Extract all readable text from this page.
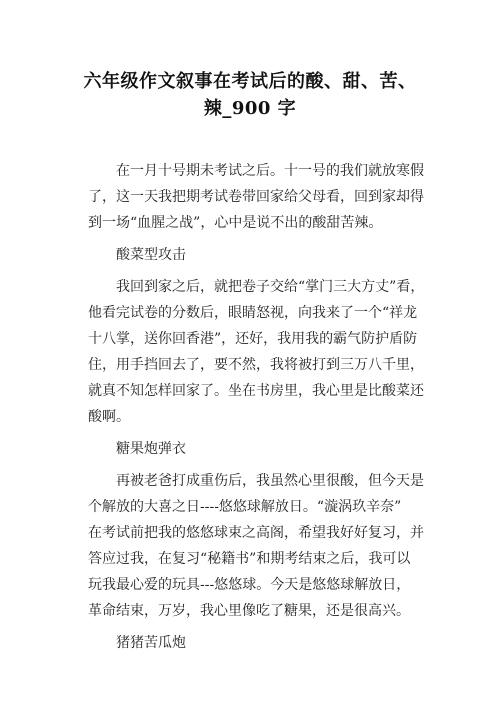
六年级作文叙事在考试后的酸、甜、苦、
辣_900 字
在一月十号期未考试之后。十一号的我们就放寒假
了，这一天我把期考试卷带回家给父母看，回到家却得
到一场“血腥之战”，心中是说不出的酸甜苦辣。
酸菜型攻击
我回到家之后，就把卷子交给“掌门三大方丈”看，
他看完试卷的分数后，眼睛怒视，向我来了一个“祥龙
十八掌，送你回香港”，还好，我用我的霸气防护盾防
住，用手挡回去了，要不然，我将被打到三万八千里，
就真不知怎样回家了。坐在书房里，我心里是比酸菜还
酸啊。
糖果炮弹衣
再被老爸打成重伤后，我虽然心里很酸，但今天是
个解放的大喜之日----悠悠球解放日。“漩涡玖辛奈”
在考试前把我的悠悠球束之高阁，希望我好好复习，并
答应过我，在复习“秘籍书”和期考结束之后，我可以
玩我最心爱的玩具---悠悠球。今天是悠悠球解放日，
革命结束，万岁，我心里像吃了糖果，还是很高兴。
猪猪苦瓜炮
